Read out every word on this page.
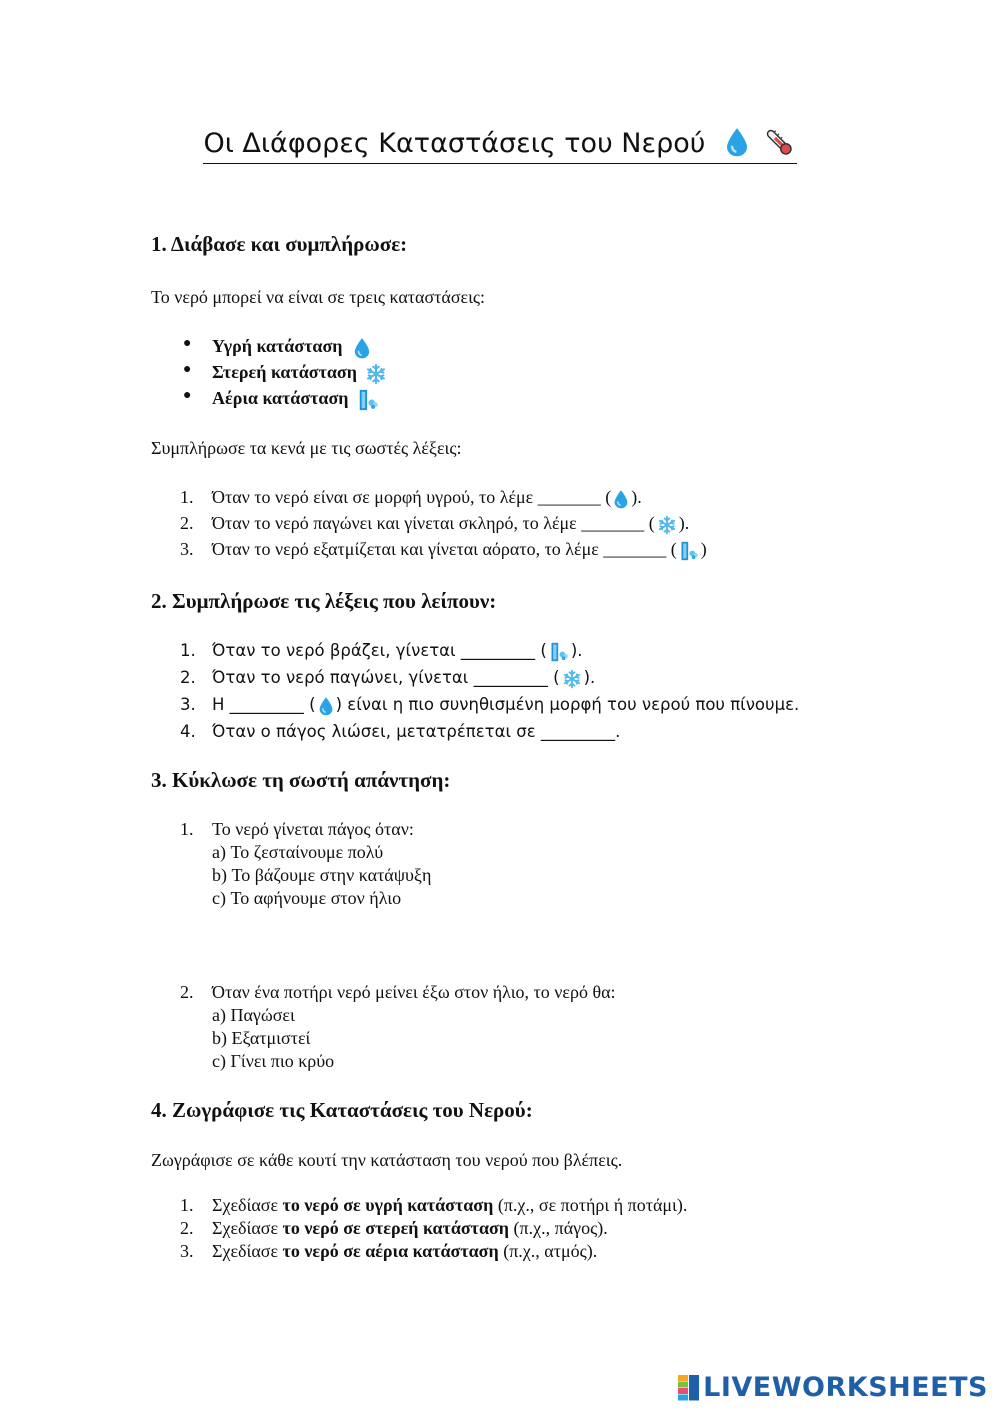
Οι Διάφορες Καταστάσεις του Νερού
1. Διάβασε και συμπλήρωσε:
Το νερό μπορεί να είναι σε τρεις καταστάσεις:
● Υγρή κατάσταση
● Στερεή κατάσταση
● Αέρια κατάσταση
Συμπλήρωσε τα κενά με τις σωστές λέξεις:
1. Όταν το νερό είναι σε μορφή υγρού, το λέμε _______ ( ).
2. Όταν το νερό παγώνει και γίνεται σκληρό, το λέμε _______ ( ).
3. Όταν το νερό εξατμίζεται και γίνεται αόρατο, το λέμε _______ ( )
2. Συμπλήρωσε τις λέξεις που λείπουν:
1. Όταν το νερό βράζει, γίνεται _________ ( ).
2. Όταν το νερό παγώνει, γίνεται _________ ( ).
3. Η _________ ( ) είναι η πιο συνηθισμένη μορφή του νερού που πίνουμε.
4. Όταν ο πάγος λιώσει, μετατρέπεται σε _________.
3. Κύκλωσε τη σωστή απάντηση:
1. Το νερό γίνεται πάγος όταν:
a) Το ζεσταίνουμε πολύ
b) Το βάζουμε στην κατάψυξη
c) Το αφήνουμε στον ήλιο
2. Όταν ένα ποτήρι νερό μείνει έξω στον ήλιο, το νερό θα:
a) Παγώσει
b) Εξατμιστεί
c) Γίνει πιο κρύο
4. Ζωγράφισε τις Καταστάσεις του Νερού:
Ζωγράφισε σε κάθε κουτί την κατάσταση του νερού που βλέπεις.
1. Σχεδίασε το νερό σε υγρή κατάσταση (π.χ., σε ποτήρι ή ποτάμι).
2. Σχεδίασε το νερό σε στερεή κατάσταση (π.χ., πάγος).
3. Σχεδίασε το νερό σε αέρια κατάσταση (π.χ., ατμός).
LIVEWORKSHEETS
